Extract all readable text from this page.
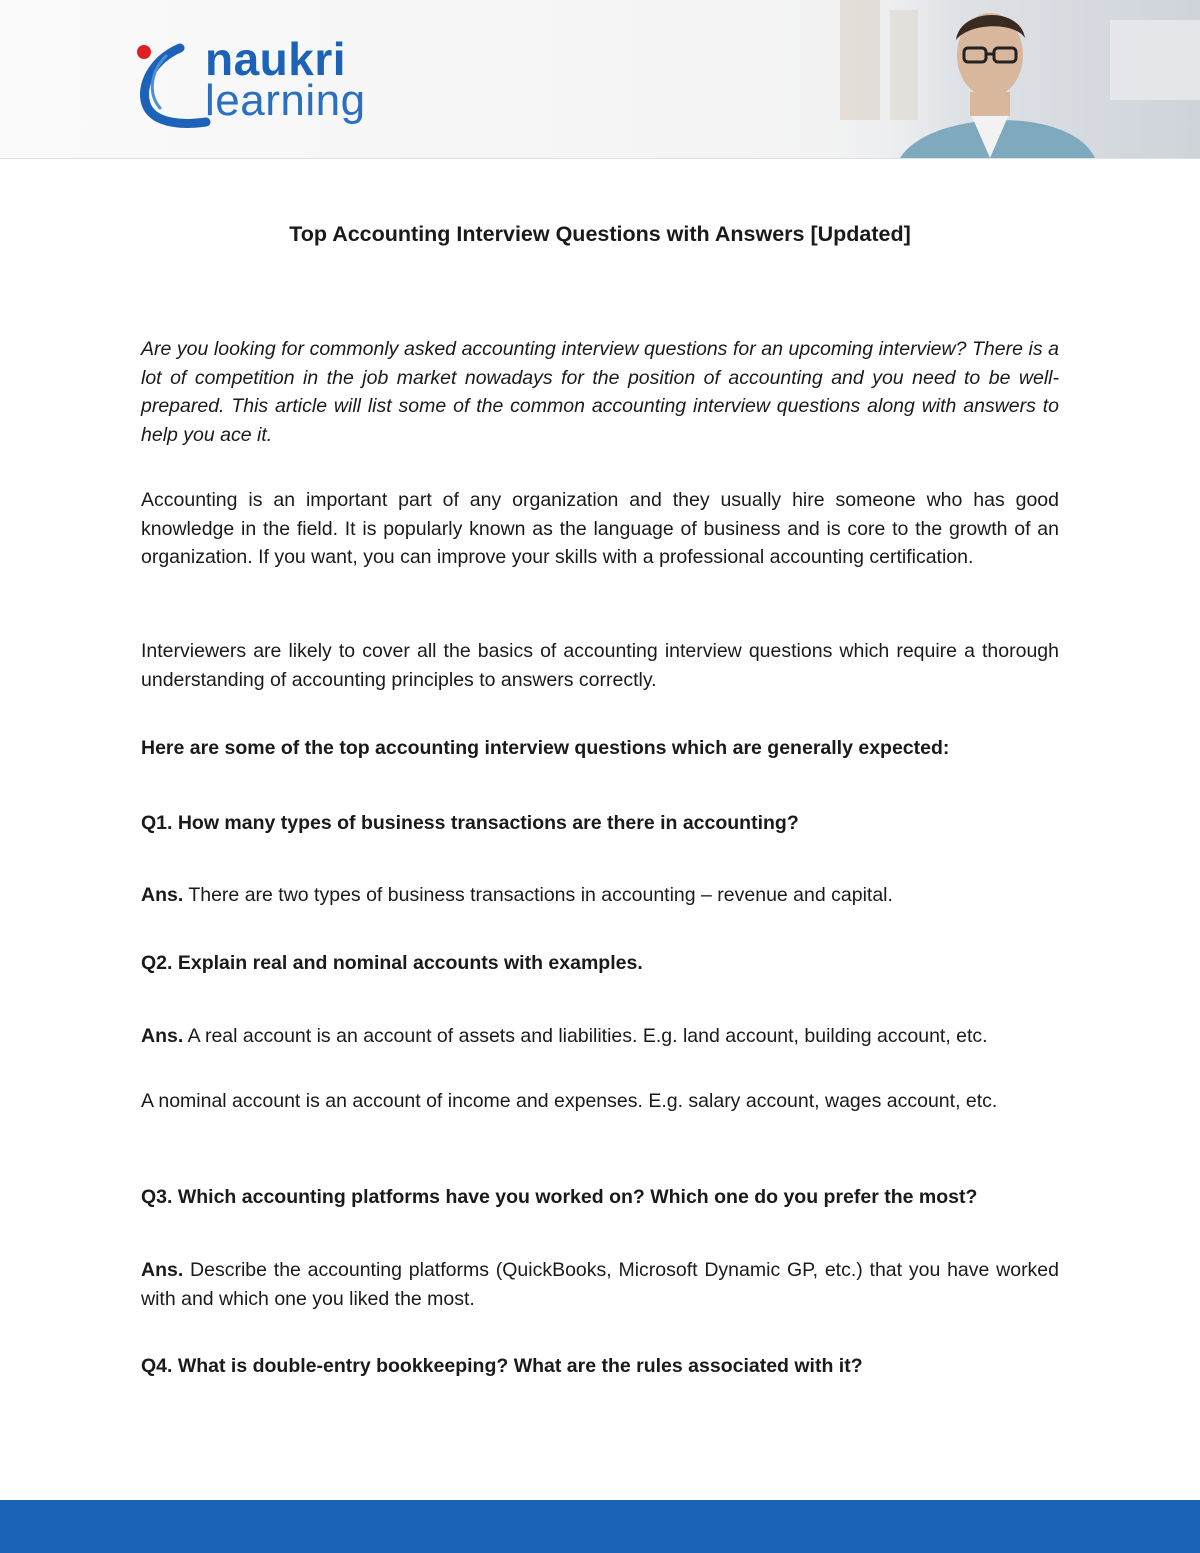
naukri
learning
Top Accounting Interview Questions with Answers [Updated]

Are you looking for commonly asked accounting interview questions for an upcoming interview? There is a lot of competition in the job market nowadays for the position of accounting and you need to be well-prepared. This article will list some of the common accounting interview questions along with answers to help you ace it.

Accounting is an important part of any organization and they usually hire someone who has good knowledge in the field. It is popularly known as the language of business and is core to the growth of an organization. If you want, you can improve your skills with a professional accounting certification.

Interviewers are likely to cover all the basics of accounting interview questions which require a thorough understanding of accounting principles to answers correctly.

Here are some of the top accounting interview questions which are generally expected:

Q1. How many types of business transactions are there in accounting?

Ans. There are two types of business transactions in accounting – revenue and capital.

Q2. Explain real and nominal accounts with examples.

Ans. A real account is an account of assets and liabilities. E.g. land account, building account, etc.

A nominal account is an account of income and expenses. E.g. salary account, wages account, etc.

Q3. Which accounting platforms have you worked on? Which one do you prefer the most?

Ans. Describe the accounting platforms (QuickBooks, Microsoft Dynamic GP, etc.) that you have worked with and which one you liked the most.

Q4. What is double-entry bookkeeping? What are the rules associated with it?
